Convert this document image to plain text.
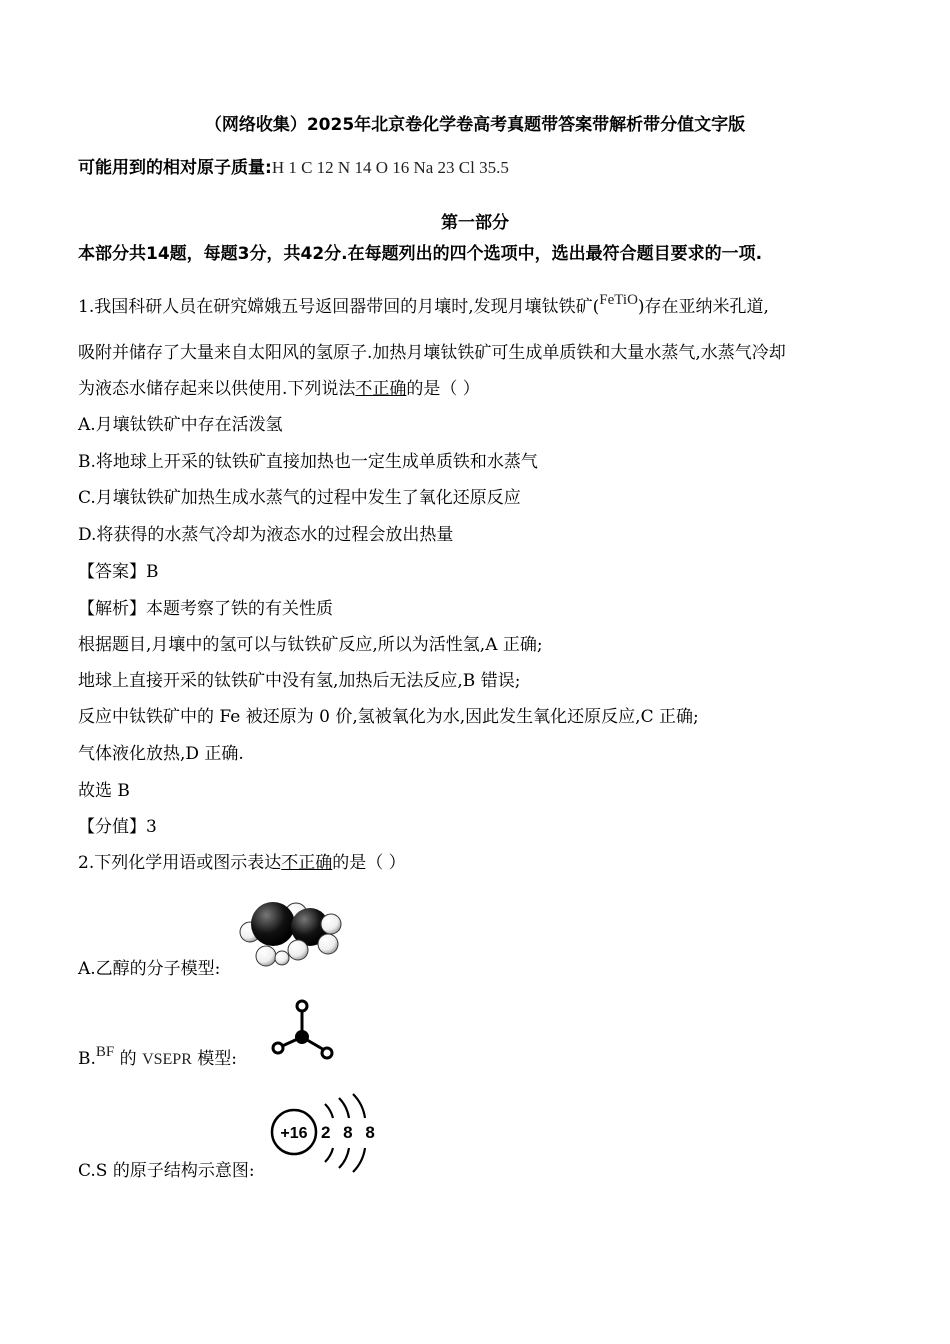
（网络收集）2025年北京卷化学卷高考真题带答案带解析带分值文字版
可能用到的相对原子质量:H 1 C 12 N 14 O 16 Na 23 Cl 35.5
第一部分
本部分共14题，每题3分，共42分.在每题列出的四个选项中，选出最符合题目要求的一项.
1.我国科研人员在研究嫦娥五号返回器带回的月壤时,发现月壤钛铁矿(FeTiO)存在亚纳米孔道,
吸附并储存了大量来自太阳风的氢原子.加热月壤钛铁矿可生成单质铁和大量水蒸气,水蒸气冷却
为液态水储存起来以供使用.下列说法不正确的是（ ）
A.月壤钛铁矿中存在活泼氢
B.将地球上开采的钛铁矿直接加热也一定生成单质铁和水蒸气
C.月壤钛铁矿加热生成水蒸气的过程中发生了氧化还原反应
D.将获得的水蒸气冷却为液态水的过程会放出热量
【答案】B
【解析】本题考察了铁的有关性质
根据题目,月壤中的氢可以与钛铁矿反应,所以为活性氢,A 正确;
地球上直接开采的钛铁矿中没有氢,加热后无法反应,B 错误;
反应中钛铁矿中的 Fe 被还原为 0 价,氢被氧化为水,因此发生氧化还原反应,C 正确;
气体液化放热,D 正确.
故选 B
【分值】3
2.下列化学用语或图示表达不正确的是（ ）
A.乙醇的分子模型:
B.BF 的 VSEPR 模型:
+16 2 8 8
C.S 的原子结构示意图:
